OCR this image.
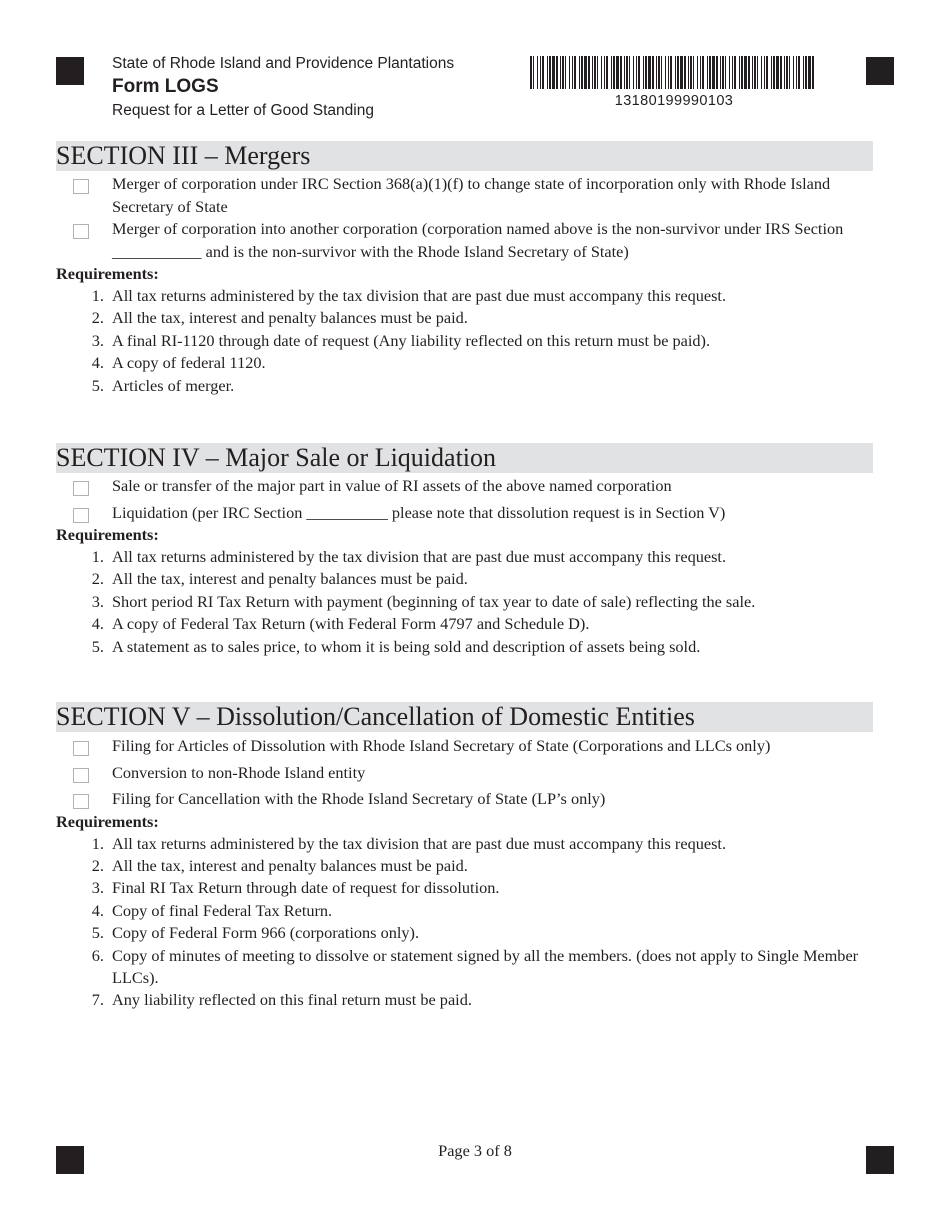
State of Rhode Island and Providence Plantations
Form LOGS
Request for a Letter of Good Standing
13180199990103
SECTION III – Mergers
Merger of corporation under IRC Section 368(a)(1)(f) to change state of incorporation only with Rhode Island Secretary of State
Merger of corporation into another corporation (corporation named above is the non-survivor under IRS Section ___________ and is the non-survivor with the Rhode Island Secretary of State)
Requirements:
1. All tax returns administered by the tax division that are past due must accompany this request.
2. All the tax, interest and penalty balances must be paid.
3. A final RI-1120 through date of request (Any liability reflected on this return must be paid).
4. A copy of federal 1120.
5. Articles of merger.
SECTION IV – Major Sale or Liquidation
Sale or transfer of the major part in value of RI assets of the above named corporation
Liquidation (per IRC Section __________ please note that dissolution request is in Section V)
Requirements:
1. All tax returns administered by the tax division that are past due must accompany this request.
2. All the tax, interest and penalty balances must be paid.
3. Short period RI Tax Return with payment (beginning of tax year to date of sale) reflecting the sale.
4. A copy of Federal Tax Return (with Federal Form 4797 and Schedule D).
5. A statement as to sales price, to whom it is being sold and description of assets being sold.
SECTION V – Dissolution/Cancellation of Domestic Entities
Filing for Articles of Dissolution with Rhode Island Secretary of State (Corporations and LLCs only)
Conversion to non-Rhode Island entity
Filing for Cancellation with the Rhode Island Secretary of State (LP’s only)
Requirements:
1. All tax returns administered by the tax division that are past due must accompany this request.
2. All the tax, interest and penalty balances must be paid.
3. Final RI Tax Return through date of request for dissolution.
4. Copy of final Federal Tax Return.
5. Copy of Federal Form 966 (corporations only).
6. Copy of minutes of meeting to dissolve or statement signed by all the members. (does not apply to Single Member LLCs).
7. Any liability reflected on this final return must be paid.
Page 3 of 8
